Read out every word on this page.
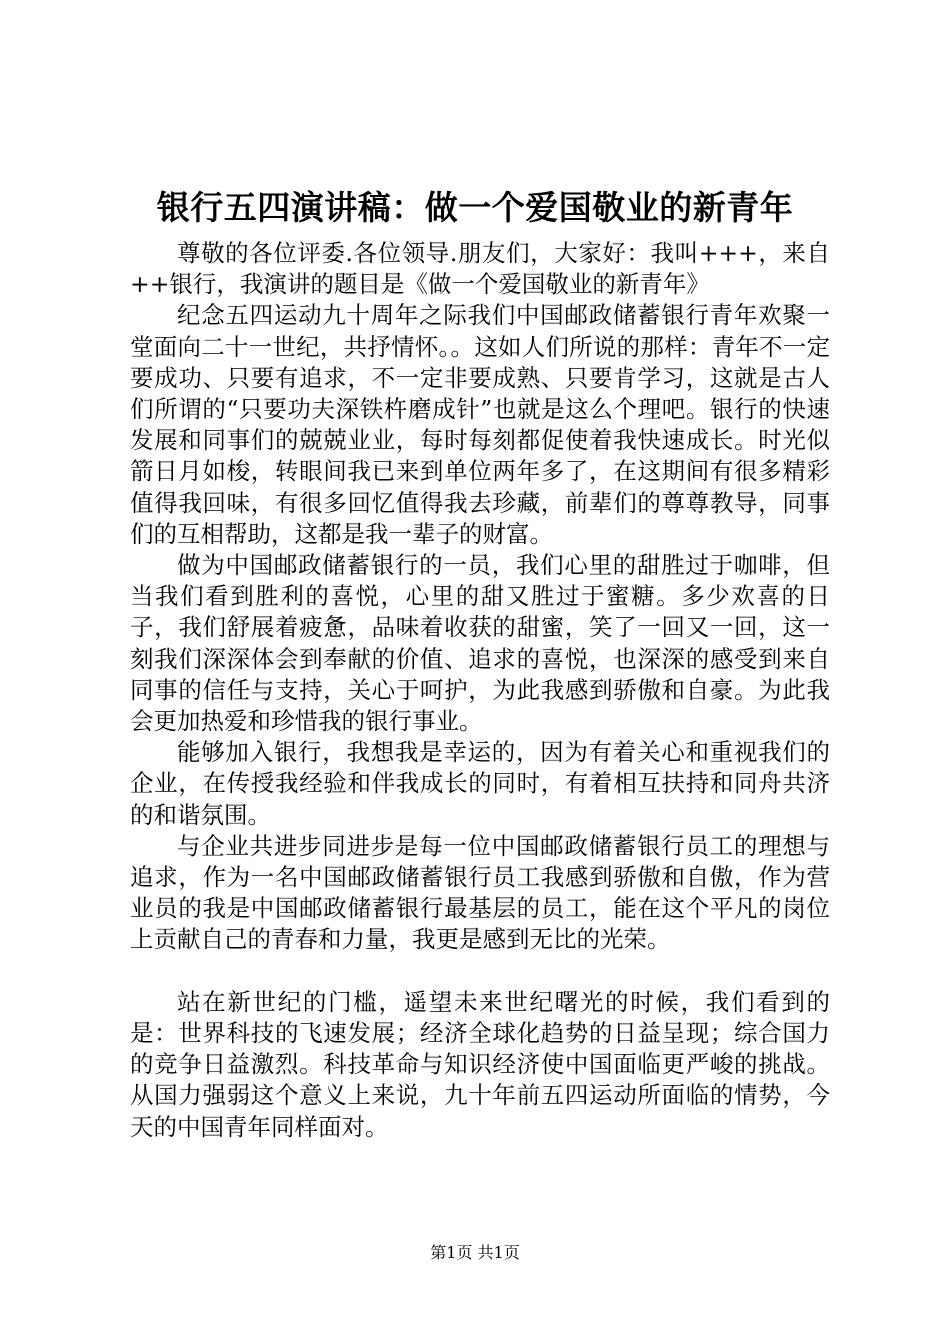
银行五四演讲稿：做一个爱国敬业的新青年

尊敬的各位评委.各位领导.朋友们，大家好：我叫+++，来自++银行，我演讲的题目是《做一个爱国敬业的新青年》

纪念五四运动九十周年之际我们中国邮政储蓄银行青年欢聚一堂面向二十一世纪，共抒情怀。。这如人们所说的那样：青年不一定要成功、只要有追求，不一定非要成熟、只要肯学习，这就是古人们所谓的“只要功夫深铁杵磨成针”也就是这么个理吧。银行的快速发展和同事们的兢兢业业，每时每刻都促使着我快速成长。时光似箭日月如梭，转眼间我已来到单位两年多了，在这期间有很多精彩值得我回味，有很多回忆值得我去珍藏，前辈们的尊尊教导，同事们的互相帮助，这都是我一辈子的财富。

做为中国邮政储蓄银行的一员，我们心里的甜胜过于咖啡，但当我们看到胜利的喜悦，心里的甜又胜过于蜜糖。多少欢喜的日子，我们舒展着疲惫，品味着收获的甜蜜，笑了一回又一回，这一刻我们深深体会到奉献的价值、追求的喜悦，也深深的感受到来自同事的信任与支持，关心于呵护，为此我感到骄傲和自豪。为此我会更加热爱和珍惜我的银行事业。

能够加入银行，我想我是幸运的，因为有着关心和重视我们的企业，在传授我经验和伴我成长的同时，有着相互扶持和同舟共济的和谐氛围。

与企业共进步同进步是每一位中国邮政储蓄银行员工的理想与追求，作为一名中国邮政储蓄银行员工我感到骄傲和自傲，作为营业员的我是中国邮政储蓄银行最基层的员工，能在这个平凡的岗位上贡献自己的青春和力量，我更是感到无比的光荣。

站在新世纪的门槛，遥望未来世纪曙光的时候，我们看到的是：世界科技的飞速发展；经济全球化趋势的日益呈现；综合国力的竞争日益激烈。科技革命与知识经济使中国面临更严峻的挑战。从国力强弱这个意义上来说，九十年前五四运动所面临的情势，今天的中国青年同样面对。

第1页 共1页
